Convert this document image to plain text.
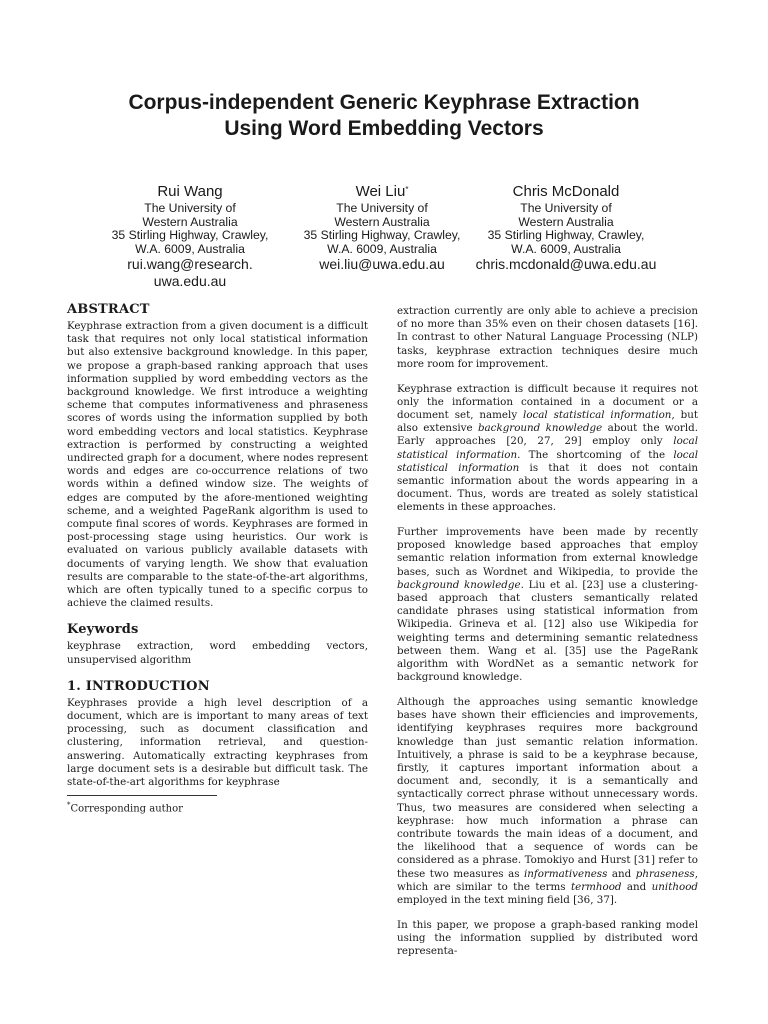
Corpus-independent Generic Keyphrase Extraction
Using Word Embedding Vectors
Rui Wang
The University of
Western Australia
35 Stirling Highway, Crawley,
W.A. 6009, Australia
rui.wang@research.
uwa.edu.au
Wei Liu*
The University of
Western Australia
35 Stirling Highway, Crawley,
W.A. 6009, Australia
wei.liu@uwa.edu.au
Chris McDonald
The University of
Western Australia
35 Stirling Highway, Crawley,
W.A. 6009, Australia
chris.mcdonald@uwa.edu.au
ABSTRACT

Keyphrase extraction from a given document is a difficult task that requires not only local statistical information but also extensive background knowledge. In this paper, we propose a graph-based ranking approach that uses information supplied by word embedding vectors as the background knowledge. We first introduce a weighting scheme that computes informativeness and phraseness scores of words using the information supplied by both word embedding vectors and local statistics. Keyphrase extraction is performed by constructing a weighted undirected graph for a document, where nodes represent words and edges are co-occurrence relations of two words within a defined window size. The weights of edges are computed by the afore-mentioned weighting scheme, and a weighted PageRank algorithm is used to compute final scores of words. Keyphrases are formed in post-processing stage using heuristics. Our work is evaluated on various publicly available datasets with documents of varying length. We show that evaluation results are comparable to the state-of-the-art algorithms, which are often typically tuned to a specific corpus to achieve the claimed results.

Keywords

keyphrase extraction, word embedding vectors, unsupervised algorithm

1. INTRODUCTION

Keyphrases provide a high level description of a document, which are is important to many areas of text processing, such as document classification and clustering, information retrieval, and question-answering. Automatically extracting keyphrases from large document sets is a desirable but difficult task. The state-of-the-art algorithms for keyphrase

*Corresponding author

extraction currently are only able to achieve a precision of no more than 35% even on their chosen datasets [16]. In contrast to other Natural Language Processing (NLP) tasks, keyphrase extraction techniques desire much more room for improvement.

Keyphrase extraction is difficult because it requires not only the information contained in a document or a document set, namely local statistical information, but also extensive background knowledge about the world. Early approaches [20, 27, 29] employ only local statistical information. The shortcoming of the local statistical information is that it does not contain semantic information about the words appearing in a document. Thus, words are treated as solely statistical elements in these approaches.

Further improvements have been made by recently proposed knowledge based approaches that employ semantic relation information from external knowledge bases, such as Wordnet and Wikipedia, to provide the background knowledge. Liu et al. [23] use a clustering-based approach that clusters semantically related candidate phrases using statistical information from Wikipedia. Grineva et al. [12] also use Wikipedia for weighting terms and determining semantic relatedness between them. Wang et al. [35] use the PageRank algorithm with WordNet as a semantic network for background knowledge.

Although the approaches using semantic knowledge bases have shown their efficiencies and improvements, identifying keyphrases requires more background knowledge than just semantic relation information. Intuitively, a phrase is said to be a keyphrase because, firstly, it captures important information about a document and, secondly, it is a semantically and syntactically correct phrase without unnecessary words. Thus, two measures are considered when selecting a keyphrase: how much information a phrase can contribute towards the main ideas of a document, and the likelihood that a sequence of words can be considered as a phrase. Tomokiyo and Hurst [31] refer to these two measures as informativeness and phraseness, which are similar to the terms termhood and unithood employed in the text mining field [36, 37].

In this paper, we propose a graph-based ranking model using the information supplied by distributed word representa-
